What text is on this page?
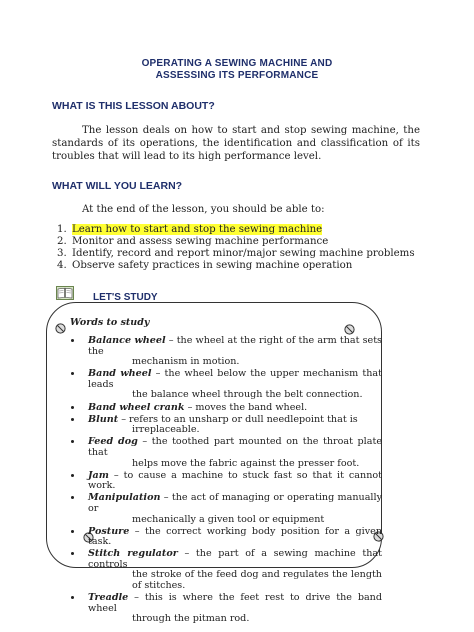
OPERATING A SEWING MACHINE AND
ASSESSING ITS PERFORMANCE
WHAT IS THIS LESSON ABOUT?
The lesson deals on how to start and stop sewing machine, the standards of its operations, the identification and classification of its troubles that will lead to its high performance level.
WHAT WILL YOU LEARN?
At the end of the lesson, you should be able to:
1. Learn how to start and stop the sewing machine
2. Monitor and assess sewing machine performance
3. Identify, record and report minor/major sewing machine problems
4. Observe safety practices in sewing machine operation
LET'S STUDY
Words to study
• Balance wheel – the wheel at the right of the arm that sets the
mechanism in motion.
• Band wheel – the wheel below the upper mechanism that leads
the balance wheel through the belt connection.
• Band wheel crank – moves the band wheel.
• Blunt – refers to an unsharp or dull needlepoint that is
irreplaceable.
• Feed dog – the toothed part mounted on the throat plate that
helps move the fabric against the presser foot.
• Jam – to cause a machine to stuck fast so that it cannot work.
• Manipulation – the act of managing or operating manually or
mechanically a given tool or equipment
• Posture – the correct working body position for a given task.
• Stitch regulator – the part of a sewing machine that controls
the stroke of the feed dog and regulates the length of stitches.
• Treadle – this is where the feet rest to drive the band wheel
through the pitman rod.
